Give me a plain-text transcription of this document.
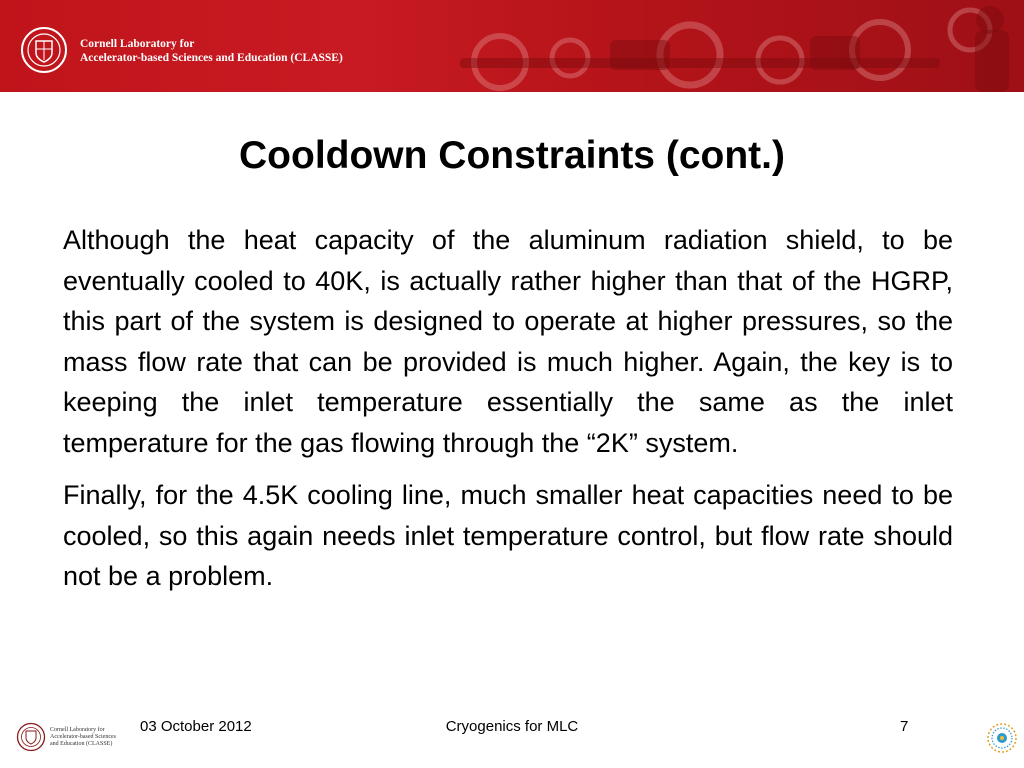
Cornell Laboratory for
Accelerator-based Sciences and Education (CLASSE)
Cooldown Constraints (cont.)

Although the heat capacity of the aluminum radiation shield, to be eventually cooled to 40K, is actually rather higher than that of the HGRP, this part of the system is designed to operate at higher pressures, so the mass flow rate that can be provided is much higher. Again, the key is to keeping the inlet temperature essentially the same as the inlet temperature for the gas flowing through the “2K” system.

Finally, for the 4.5K cooling line, much smaller heat capacities need to be cooled, so this again needs inlet temperature control, but flow rate should not be a problem.

Cornell Laboratory for
Accelerator-based Sciences
and Education (CLASSE)
03 October 2012	Cryogenics for MLC	7
